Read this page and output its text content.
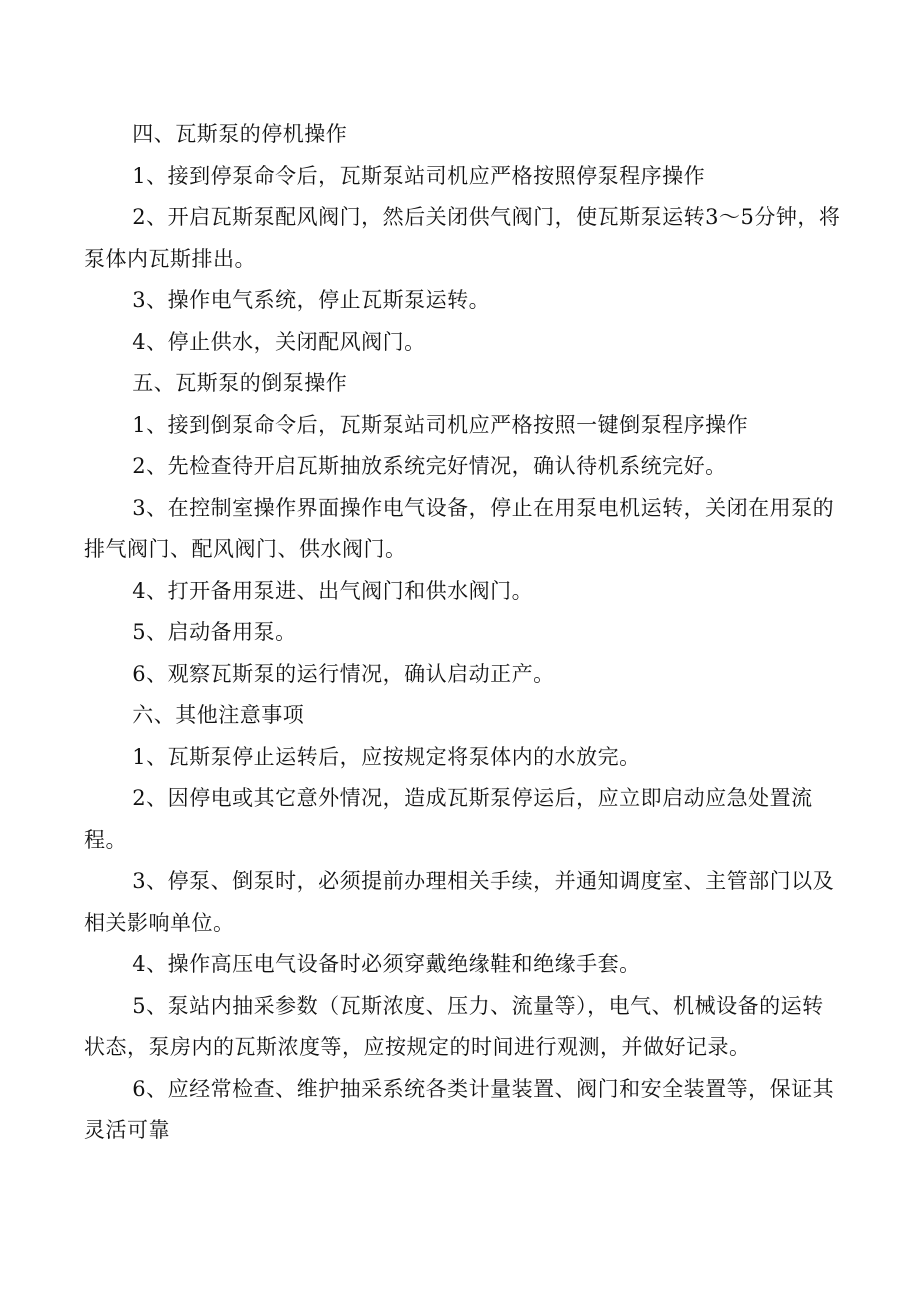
四、瓦斯泵的停机操作

1、接到停泵命令后，瓦斯泵站司机应严格按照停泵程序操作

2、开启瓦斯泵配风阀门，然后关闭供气阀门，使瓦斯泵运转3～5分钟，将泵体内瓦斯排出。

3、操作电气系统，停止瓦斯泵运转。

4、停止供水，关闭配风阀门。

五、瓦斯泵的倒泵操作

1、接到倒泵命令后，瓦斯泵站司机应严格按照一键倒泵程序操作

2、先检查待开启瓦斯抽放系统完好情况，确认待机系统完好。

3、在控制室操作界面操作电气设备，停止在用泵电机运转，关闭在用泵的排气阀门、配风阀门、供水阀门。

4、打开备用泵进、出气阀门和供水阀门。

5、启动备用泵。

6、观察瓦斯泵的运行情况，确认启动正产。

六、其他注意事项

1、瓦斯泵停止运转后，应按规定将泵体内的水放完。

2、因停电或其它意外情况，造成瓦斯泵停运后，应立即启动应急处置流程。

3、停泵、倒泵时，必须提前办理相关手续，并通知调度室、主管部门以及相关影响单位。

4、操作高压电气设备时必须穿戴绝缘鞋和绝缘手套。

5、泵站内抽采参数（瓦斯浓度、压力、流量等），电气、机械设备的运转状态，泵房内的瓦斯浓度等，应按规定的时间进行观测，并做好记录。

6、应经常检查、维护抽采系统各类计量装置、阀门和安全装置等，保证其灵活可靠
